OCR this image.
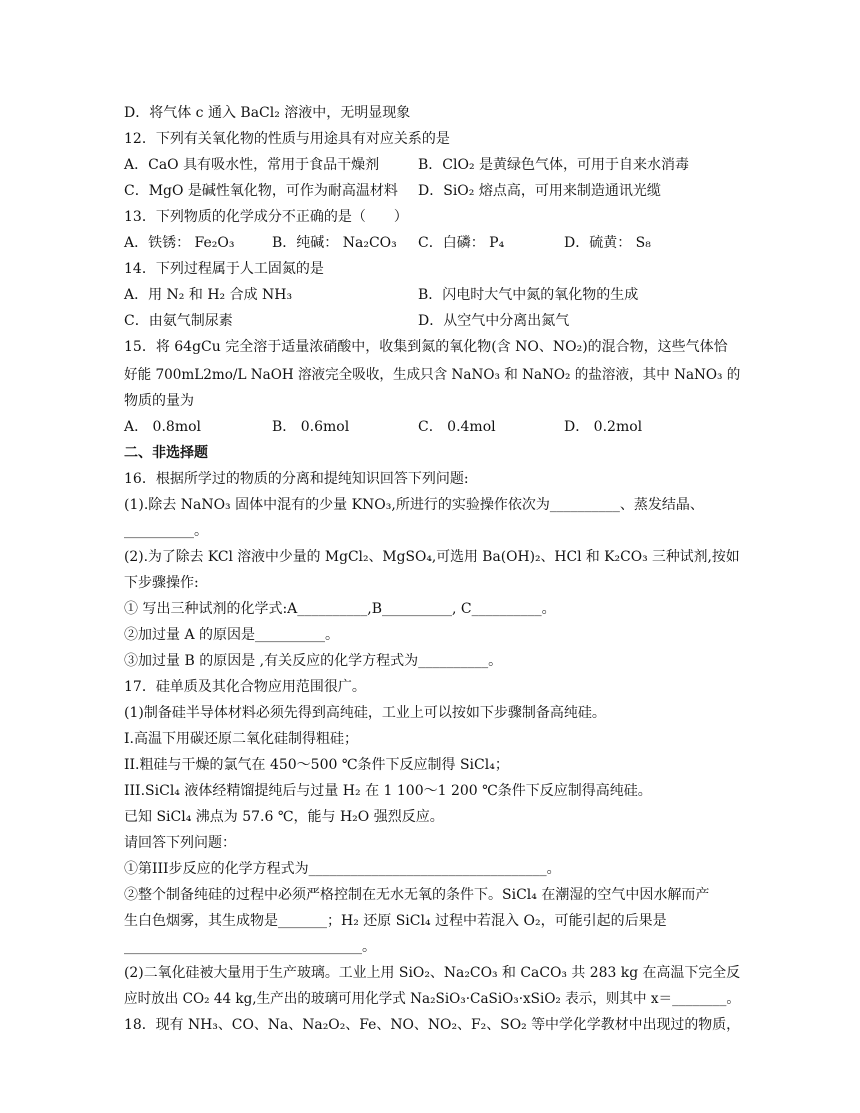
D．将气体 c 通入 BaCl₂ 溶液中，无明显现象
12．下列有关氧化物的性质与用途具有对应关系的是
A．CaO 具有吸水性，常用于食品干燥剂	B．ClO₂ 是黄绿色气体，可用于自来水消毒
C．MgO 是碱性氧化物，可作为耐高温材料 D．SiO₂ 熔点高，可用来制造通讯光缆
13．下列物质的化学成分不正确的是（　　）
A．铁锈： Fe₂O₃	B．纯碱： Na₂CO₃ C．白磷： P₄	D．硫黄： S₈
14．下列过程属于人工固氮的是
A．用 N₂ 和 H₂ 合成 NH₃	B．闪电时大气中氮的氧化物的生成
C．由氨气制尿素	D．从空气中分离出氮气
15．将 64gCu 完全溶于适量浓硝酸中，收集到氮的氧化物(含 NO、NO₂)的混合物，这些气体恰
好能 700mL2mo/L NaOH 溶液完全吸收，生成只含 NaNO₃ 和 NaNO₂ 的盐溶液，其中 NaNO₃ 的
物质的量为
A． 0.8mol	B． 0.6mol	C． 0.4mol	D． 0.2mol
二、非选择题
16．根据所学过的物质的分离和提纯知识回答下列问题:
(1).除去 NaNO₃ 固体中混有的少量 KNO₃,所进行的实验操作依次为__________、蒸发结晶、
__________。
(2).为了除去 KCl 溶液中少量的 MgCl₂、MgSO₄,可选用 Ba(OH)₂、HCl 和 K₂CO₃ 三种试剂,按如
下步骤操作:
① 写出三种试剂的化学式:A__________,B__________, C__________。
②加过量 A 的原因是__________。
③加过量 B 的原因是 ,有关反应的化学方程式为__________。
17．硅单质及其化合物应用范围很广。
(1)制备硅半导体材料必须先得到高纯硅，工业上可以按如下步骤制备高纯硅。
I.高温下用碳还原二氧化硅制得粗硅；
II.粗硅与干燥的氯气在 450～500 ℃条件下反应制得 SiCl₄；
III.SiCl₄ 液体经精馏提纯后与过量 H₂ 在 1 100～1 200 ℃条件下反应制得高纯硅。
已知 SiCl₄ 沸点为 57.6 ℃，能与 H₂O 强烈反应。
请回答下列问题：
①第III步反应的化学方程式为__________________________________。
②整个制备纯硅的过程中必须严格控制在无水无氧的条件下。SiCl₄ 在潮湿的空气中因水解而产
生白色烟雾，其生成物是_______；H₂ 还原 SiCl₄ 过程中若混入 O₂，可能引起的后果是
__________________________________。
(2)二氧化硅被大量用于生产玻璃。工业上用 SiO₂、Na₂CO₃ 和 CaCO₃ 共 283 kg 在高温下完全反
应时放出 CO₂ 44 kg,生产出的玻璃可用化学式 Na₂SiO₃·CaSiO₃·xSiO₂ 表示，则其中 x＝________。
18．现有 NH₃、CO、Na、Na₂O₂、Fe、NO、NO₂、F₂、SO₂ 等中学化学教材中出现过的物质，
